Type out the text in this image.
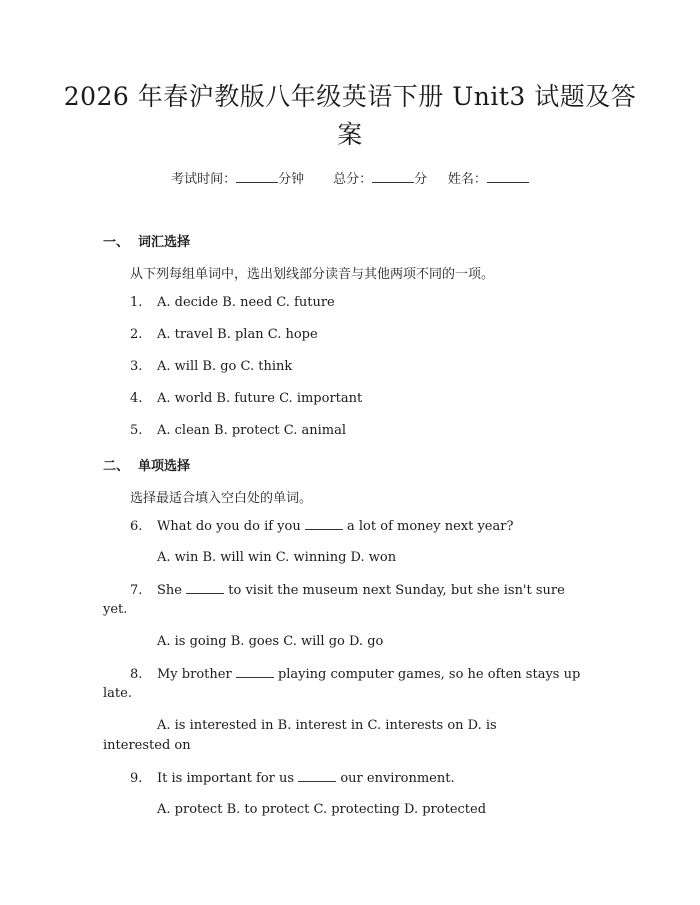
2026 年春沪教版八年级英语下册 Unit3 试题及答案
考试时间：	分钟 总分：	分 姓名：
一、 词汇选择
从下列每组单词中，选出划线部分读音与其他两项不同的一项。
1. A. decide B. need C. future
2. A. travel B. plan C. hope
3. A. will B. go C. think
4. A. world B. future C. important
5. A. clean B. protect C. animal
二、 单项选择
选择最适合填入空白处的单词。
6. What do you do if you	a lot of money next year?
A. win B. will win C. winning D. won
7. She	to visit the museum next Sunday, but she isn't sure
yet.
A. is going B. goes C. will go D. go
8. My brother	playing computer games, so he often stays up
late.
A. is interested in B. interest in C. interests on D. is
interested on
9. It is important for us	our environment.
A. protect B. to protect C. protecting D. protected
